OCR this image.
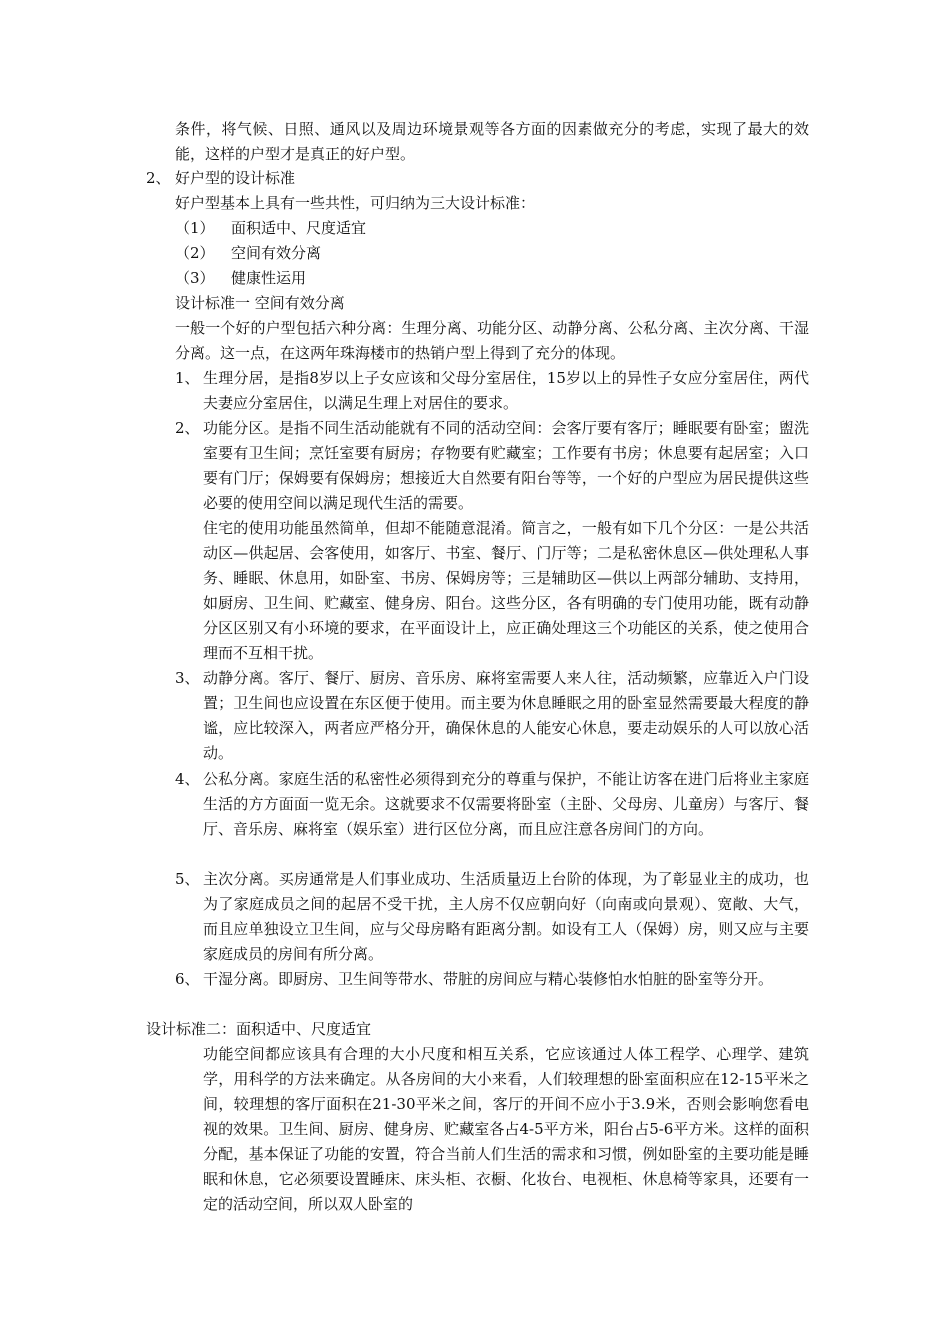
条件，将气候、日照、通风以及周边环境景观等各方面的因素做充分的考虑，实现了最大的效能，这样的户型才是真正的好户型。

2、 好户型的设计标准

好户型基本上具有一些共性，可归纳为三大设计标准：

（1） 面积适中、尺度适宜

（2） 空间有效分离

（3） 健康性运用

设计标准一 空间有效分离

一般一个好的户型包括六种分离：生理分离、功能分区、动静分离、公私分离、主次分离、干湿分离。这一点，在这两年珠海楼市的热销户型上得到了充分的体现。

1、 生理分居，是指8岁以上子女应该和父母分室居住，15岁以上的异性子女应分室居住，两代夫妻应分室居住，以满足生理上对居住的要求。

2、 功能分区。是指不同生活动能就有不同的活动空间：会客厅要有客厅；睡眠要有卧室；盥洗室要有卫生间；烹饪室要有厨房；存物要有贮藏室；工作要有书房；休息要有起居室；入口要有门厅；保姆要有保姆房；想接近大自然要有阳台等等，一个好的户型应为居民提供这些必要的使用空间以满足现代生活的需要。

住宅的使用功能虽然简单，但却不能随意混淆。简言之，一般有如下几个分区：一是公共活动区—供起居、会客使用，如客厅、书室、餐厅、门厅等；二是私密休息区—供处理私人事务、睡眠、休息用，如卧室、书房、保姆房等；三是辅助区—供以上两部分辅助、支持用，如厨房、卫生间、贮藏室、健身房、阳台。这些分区，各有明确的专门使用功能，既有动静分区区别又有小环境的要求，在平面设计上，应正确处理这三个功能区的关系，使之使用合理而不互相干扰。

3、 动静分离。客厅、餐厅、厨房、音乐房、麻将室需要人来人往，活动频繁，应靠近入户门设置；卫生间也应设置在东区便于使用。而主要为休息睡眠之用的卧室显然需要最大程度的静谧，应比较深入，两者应严格分开，确保休息的人能安心休息，要走动娱乐的人可以放心活动。

4、 公私分离。家庭生活的私密性必须得到充分的尊重与保护，不能让访客在进门后将业主家庭生活的方方面面一览无余。这就要求不仅需要将卧室（主卧、父母房、儿童房）与客厅、餐厅、音乐房、麻将室（娱乐室）进行区位分离，而且应注意各房间门的方向。

5、 主次分离。买房通常是人们事业成功、生活质量迈上台阶的体现，为了彰显业主的成功，也为了家庭成员之间的起居不受干扰，主人房不仅应朝向好（向南或向景观）、宽敞、大气，而且应单独设立卫生间，应与父母房略有距离分割。如设有工人（保姆）房，则又应与主要家庭成员的房间有所分离。

6、 干湿分离。即厨房、卫生间等带水、带脏的房间应与精心装修怕水怕脏的卧室等分开。

设计标准二：面积适中、尺度适宜

功能空间都应该具有合理的大小尺度和相互关系，它应该通过人体工程学、心理学、建筑学，用科学的方法来确定。从各房间的大小来看，人们较理想的卧室面积应在12-15平米之间，较理想的客厅面积在21-30平米之间，客厅的开间不应小于3.9米，否则会影响您看电视的效果。卫生间、厨房、健身房、贮藏室各占4-5平方米，阳台占5-6平方米。这样的面积分配，基本保证了功能的安置，符合当前人们生活的需求和习惯，例如卧室的主要功能是睡眠和休息，它必须要设置睡床、床头柜、衣橱、化妆台、电视柜、休息椅等家具，还要有一定的活动空间，所以双人卧室的
